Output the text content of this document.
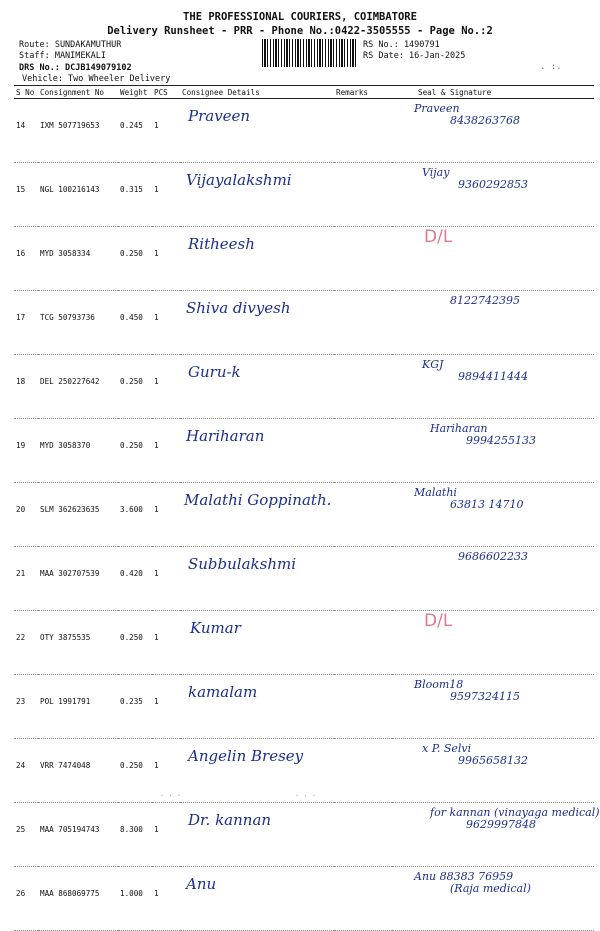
THE PROFESSIONAL COURIERS, COIMBATORE
Delivery Runsheet - PRR - Phone No.:0422-3505555 - Page No.:2
Route: SUNDAKAMUTHUR
Staff: MANIMEKALI
DRS No.: DCJB149079102
Vehicle: Two Wheeler Delivery
RS No.: 1490791
RS Date: 16-Jan-2025
. :.
S No	Consignment No	Weight	PCS	Consignee Details	Remarks	Seal & Signature
14	IXM 507719653	0.245	1	Praveen		Praveen
8438263768

15	NGL 100216143	0.315	1	Vijayalakshmi		Vijay
9360292853

16	MYD 3058334	0.250	1	Ritheesh		D/L

17	TCG 50793736	0.450	1	Shiva divyesh		8122742395

18	DEL 250227642	0.250	1	Guru-k		KGJ
9894411444

19	MYD 3058370	0.250	1	Hariharan		Hariharan
9994255133

20	SLM 362623635	3.600	1	Malathi Goppinath.		Malathi
63813 14710

21	MAA 302707539	0.420	1	Subbulakshmi		9686602233

22	OTY 3875535	0.250	1	Kumar		D/L

23	POL 1991791	0.235	1	kamalam		Bloom18
9597324115

24	VRR 7474048	0.250	1	Angelin Bresey		x P. Selvi
9965658132

25	MAA 705194743	8.300	1	Dr. kannan		for kannan (vinayaga medical)
9629997848

26	MAA 868069775	1.000	1	Anu		Anu 88383 76959
(Raja medical)
· · ·	· · ·
